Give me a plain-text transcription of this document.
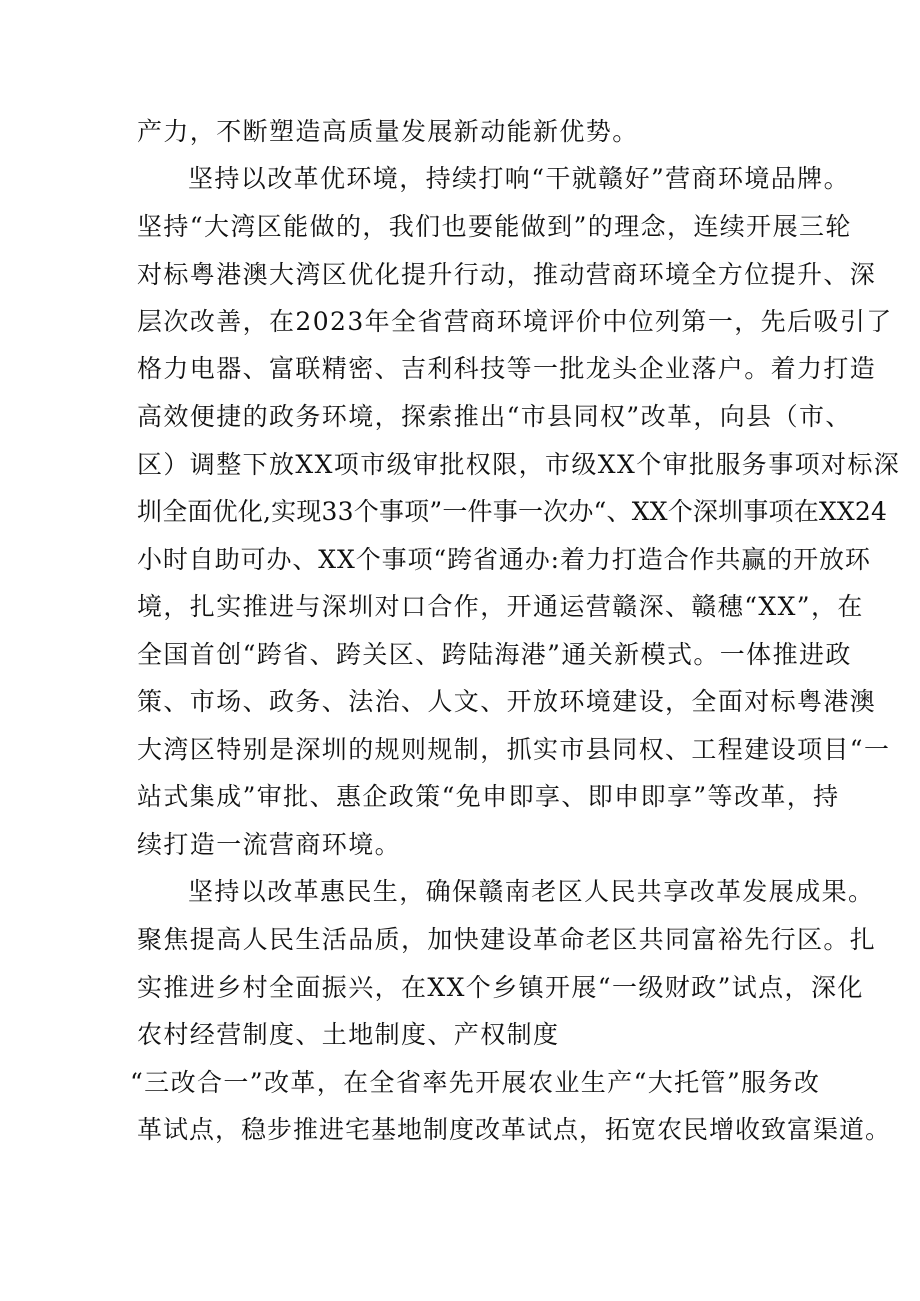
产力，不断塑造高质量发展新动能新优势。
坚持以改革优环境，持续打响“干就赣好”营商环境品牌。
坚持“大湾区能做的，我们也要能做到”的理念，连续开展三轮
对标粤港澳大湾区优化提升行动，推动营商环境全方位提升、深
层次改善，在2023年全省营商环境评价中位列第一，先后吸引了
格力电器、富联精密、吉利科技等一批龙头企业落户。着力打造
高效便捷的政务环境，探索推出“市县同权”改革，向县（市、
区）调整下放XX项市级审批权限，市级XX个审批服务事项对标深
圳全面优化,实现33个事项”一件事一次办“、XX个深圳事项在XX24
小时自助可办、XX个事项“跨省通办:着力打造合作共赢的开放环
境，扎实推进与深圳对口合作，开通运营赣深、赣穗“XX”，在
全国首创“跨省、跨关区、跨陆海港”通关新模式。一体推进政
策、市场、政务、法治、人文、开放环境建设，全面对标粤港澳
大湾区特别是深圳的规则规制，抓实市县同权、工程建设项目“一
站式集成”审批、惠企政策“免申即享、即申即享”等改革，持
续打造一流营商环境。
坚持以改革惠民生，确保赣南老区人民共享改革发展成果。
聚焦提高人民生活品质，加快建设革命老区共同富裕先行区。扎
实推进乡村全面振兴，在XX个乡镇开展“一级财政”试点，深化
农村经营制度、土地制度、产权制度
“三改合一”改革，在全省率先开展农业生产“大托管”服务改
革试点，稳步推进宅基地制度改革试点，拓宽农民增收致富渠道。
